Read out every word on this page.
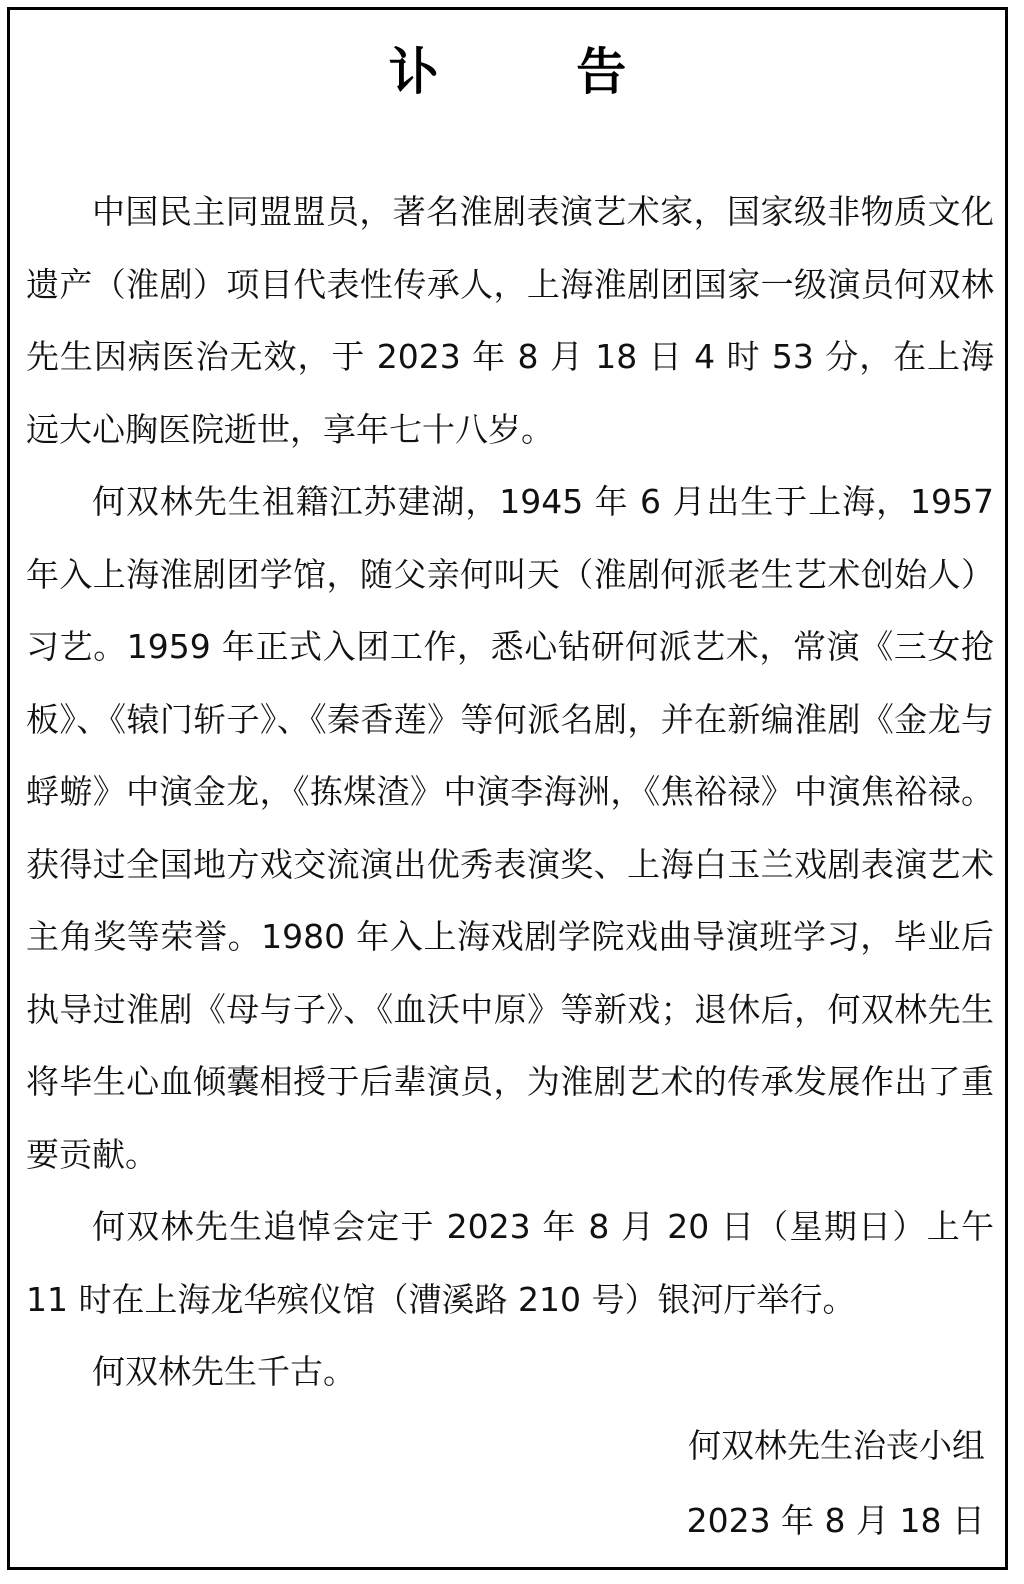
讣 告

中国民主同盟盟员，著名淮剧表演艺术家，国家级非物质文化遗产（淮剧）项目代表性传承人，上海淮剧团国家一级演员何双林先生因病医治无效，于 2023 年 8 月 18 日 4 时 53 分，在上海远大心胸医院逝世，享年七十八岁。

何双林先生祖籍江苏建湖，1945 年 6 月出生于上海，1957 年入上海淮剧团学馆，随父亲何叫天（淮剧何派老生艺术创始人）习艺。1959 年正式入团工作，悉心钻研何派艺术，常演《三女抢板》、《辕门斩子》、《秦香莲》等何派名剧，并在新编淮剧《金龙与蜉蝣》中演金龙，《拣煤渣》中演李海洲，《焦裕禄》中演焦裕禄。获得过全国地方戏交流演出优秀表演奖、上海白玉兰戏剧表演艺术主角奖等荣誉。1980 年入上海戏剧学院戏曲导演班学习，毕业后执导过淮剧《母与子》、《血沃中原》等新戏；退休后，何双林先生将毕生心血倾囊相授于后辈演员，为淮剧艺术的传承发展作出了重要贡献。

何双林先生追悼会定于 2023 年 8 月 20 日（星期日）上午 11 时在上海龙华殡仪馆（漕溪路 210 号）银河厅举行。

何双林先生千古。

何双林先生治丧小组
2023 年 8 月 18 日
